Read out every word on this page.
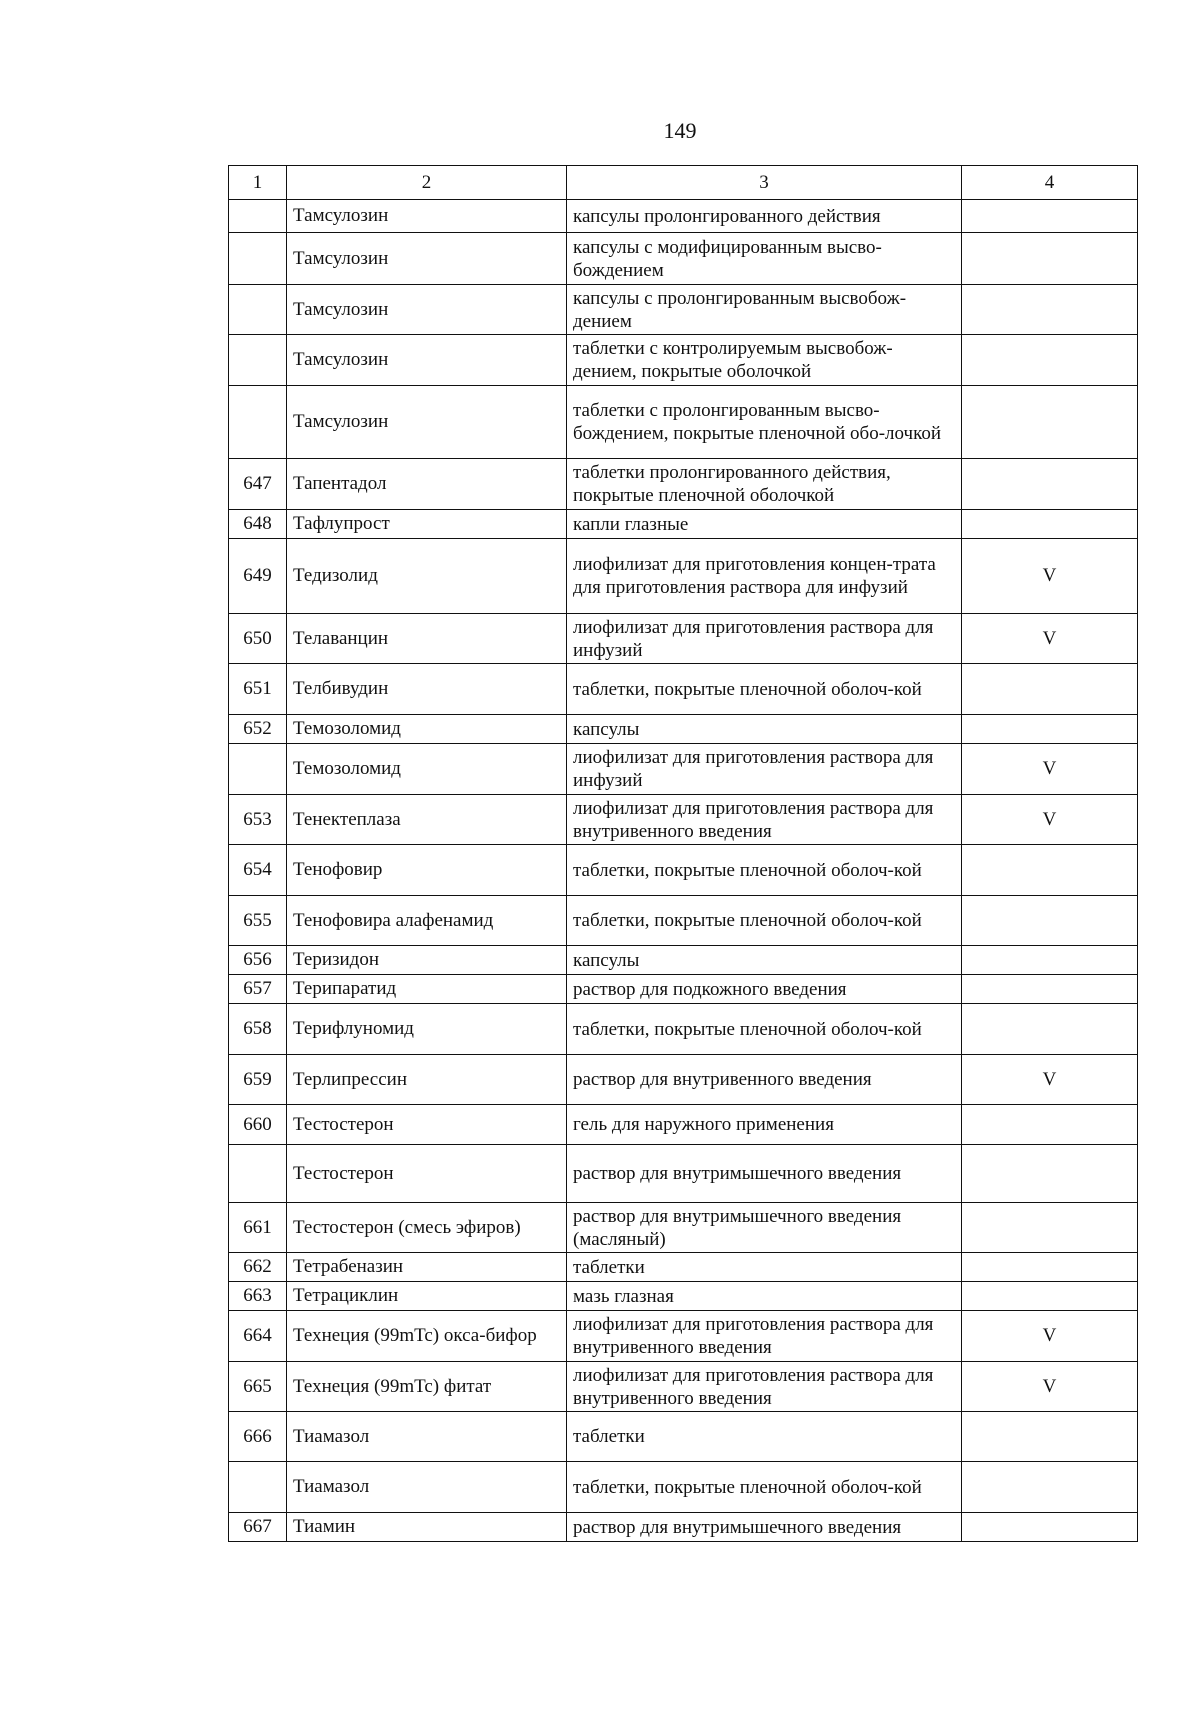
149
1	2	3	4
	Тамсулозин	капсулы пролонгированного действия	
	Тамсулозин	капсулы с модифицированным высво-бождением	
	Тамсулозин	капсулы с пролонгированным высвобож-дением	
	Тамсулозин	таблетки с контролируемым высвобож-дением, покрытые оболочкой	
	Тамсулозин	таблетки с пролонгированным высво-бождением, покрытые пленочной обо-лочкой	
647	Тапентадол	таблетки пролонгированного действия, покрытые пленочной оболочкой	
648	Тафлупрост	капли глазные	
649	Тедизолид	лиофилизат для приготовления концен-трата для приготовления раствора для инфузий	V
650	Телаванцин	лиофилизат для приготовления раствора для инфузий	V
651	Телбивудин	таблетки, покрытые пленочной оболоч-кой	
652	Темозоломид	капсулы	
	Темозоломид	лиофилизат для приготовления раствора для инфузий	V
653	Тенектеплаза	лиофилизат для приготовления раствора для внутривенного введения	V
654	Тенофовир	таблетки, покрытые пленочной оболоч-кой	
655	Тенофовира алафенамид	таблетки, покрытые пленочной оболоч-кой	
656	Теризидон	капсулы	
657	Терипаратид	раствор для подкожного введения	
658	Терифлуномид	таблетки, покрытые пленочной оболоч-кой	
659	Терлипрессин	раствор для внутривенного введения	V
660	Тестостерон	гель для наружного применения	
	Тестостерон	раствор для внутримышечного введения	
661	Тестостерон (смесь эфиров)	раствор для внутримышечного введения (масляный)	
662	Тетрабеназин	таблетки	
663	Тетрациклин	мазь глазная	
664	Технеция (99mTc) окса-бифор	лиофилизат для приготовления раствора для внутривенного введения	V
665	Технеция (99mTc) фитат	лиофилизат для приготовления раствора для внутривенного введения	V
666	Тиамазол	таблетки	
	Тиамазол	таблетки, покрытые пленочной оболоч-кой	
667	Тиамин	раствор для внутримышечного введения	
